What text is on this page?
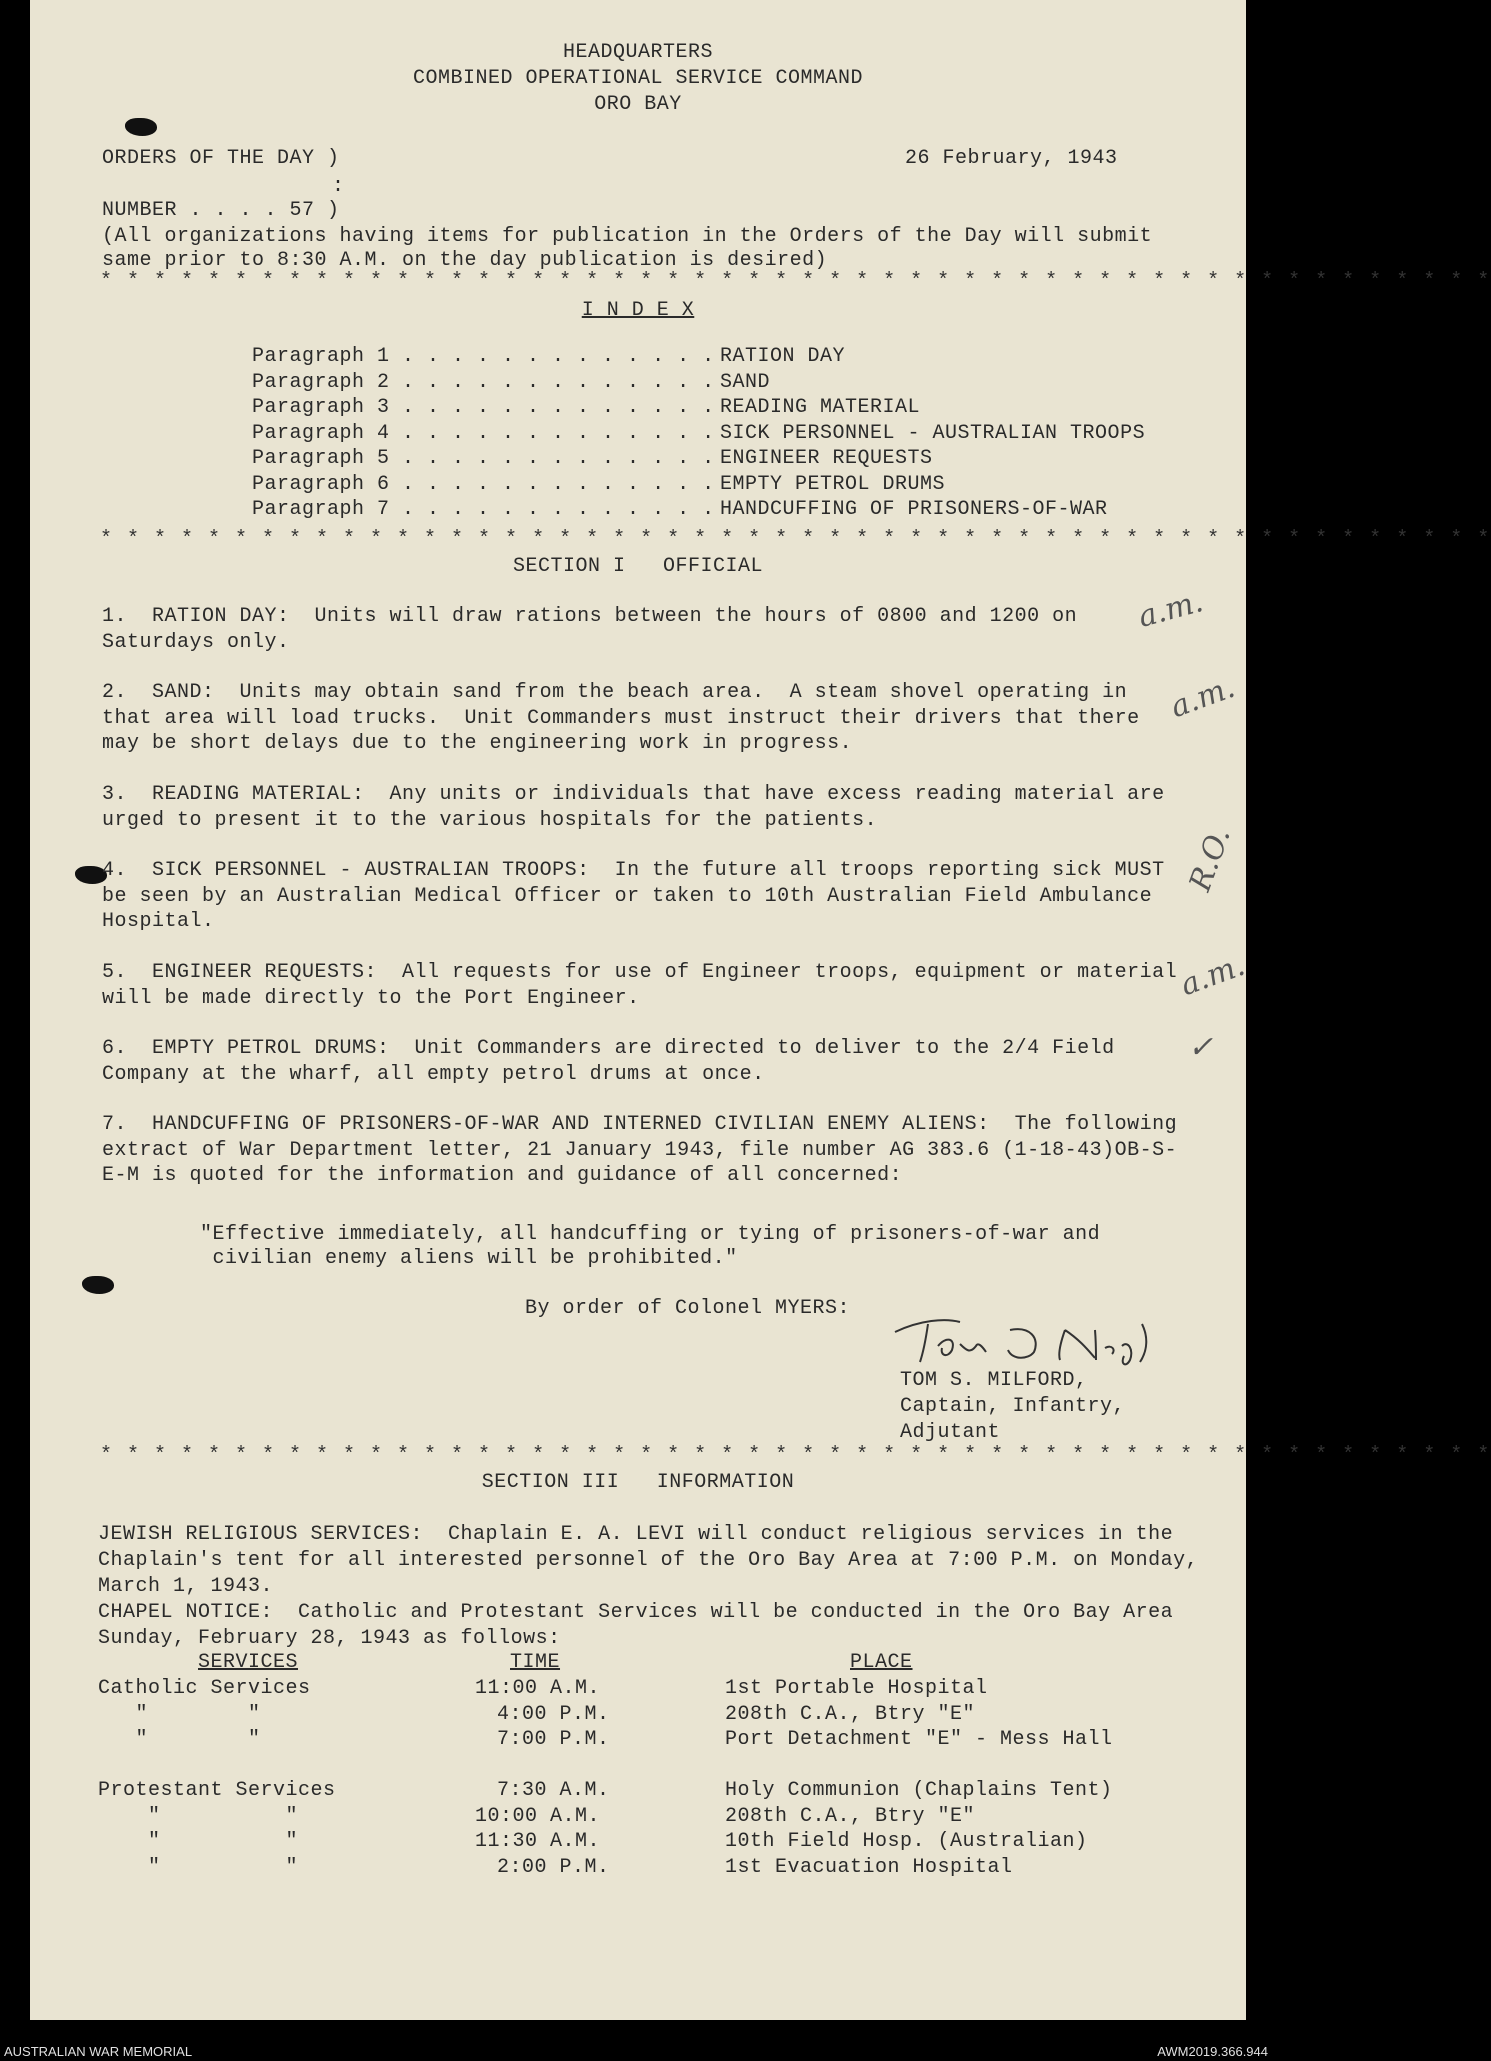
HEADQUARTERS
COMBINED OPERATIONAL SERVICE COMMAND
ORO BAY
ORDERS OF THE DAY )	26 February, 1943
:
NUMBER . . . . 57 )
(All organizations having items for publication in the Orders of the Day will submit
same prior to 8:30 A.M. on the day publication is desired)
* * * * * * * * * * * * * * * * * * * * * * * * * * * * * * * * * * * * * * * * * * * * * * * * * * * *
I N D E X
* * * * * * * * * * * * * * * * * * * * * * * * * * * * * * * * * * * * * * * * * * * * * * * * * * * *
SECTION I   OFFICIAL
"Effective immediately, all handcuffing or tying of prisoners-of-war and
civilian enemy aliens will be prohibited."
By order of Colonel MYERS:
TOM S. MILFORD,
Captain, Infantry,
Adjutant
* * * * * * * * * * * * * * * * * * * * * * * * * * * * * * * * * * * * * * * * * * * * * * * * * * * *
SECTION III   INFORMATION
JEWISH RELIGIOUS SERVICES:  Chaplain E. A. LEVI will conduct religious services in the
Chaplain's tent for all interested personnel of the Oro Bay Area at 7:00 P.M. on Monday,
March 1, 1943.
CHAPEL NOTICE:  Catholic and Protestant Services will be conducted in the Oro Bay Area
Sunday, February 28, 1943 as follows:
a.m.
a.m.
R.O.
a.m.
✓
Paragraph 1 . . . . . . . . . . . . . RATION DAY
Paragraph 2 . . . . . . . . . . . . . SAND
Paragraph 3 . . . . . . . . . . . . . READING MATERIAL
Paragraph 4 . . . . . . . . . . . . . SICK PERSONNEL - AUSTRALIAN TROOPS
Paragraph 5 . . . . . . . . . . . . . ENGINEER REQUESTS
Paragraph 6 . . . . . . . . . . . . . EMPTY PETROL DRUMS
Paragraph 7 . . . . . . . . . . . . . HANDCUFFING OF PRISONERS-OF-WAR
1.  RATION DAY:  Units will draw rations between the hours of 0800 and 1200 on
Saturdays only.
2.  SAND:  Units may obtain sand from the beach area.  A steam shovel operating in
that area will load trucks.  Unit Commanders must instruct their drivers that there
may be short delays due to the engineering work in progress.
3.  READING MATERIAL:  Any units or individuals that have excess reading material are
urged to present it to the various hospitals for the patients.
4.  SICK PERSONNEL - AUSTRALIAN TROOPS:  In the future all troops reporting sick MUST
be seen by an Australian Medical Officer or taken to 10th Australian Field Ambulance
Hospital.
5.  ENGINEER REQUESTS:  All requests for use of Engineer troops, equipment or material
will be made directly to the Port Engineer.
6.  EMPTY PETROL DRUMS:  Unit Commanders are directed to deliver to the 2/4 Field
Company at the wharf, all empty petrol drums at once.
7.  HANDCUFFING OF PRISONERS-OF-WAR AND INTERNED CIVILIAN ENEMY ALIENS:  The following
extract of War Department letter, 21 January 1943, file number AG 383.6 (1-18-43)OB-S-
E-M is quoted for the information and guidance of all concerned:
SERVICES	TIME	PLACE
Catholic Services	11:00 A.M.	1st Portable Hospital
"        "	4:00 P.M.	208th C.A., Btry "E"
"        "	7:00 P.M.	Port Detachment "E" - Mess Hall
Protestant Services	7:30 A.M.	Holy Communion (Chaplains Tent)
"          "	10:00 A.M.	208th C.A., Btry "E"
"          "	11:30 A.M.	10th Field Hosp. (Australian)
"          "	2:00 P.M.	1st Evacuation Hospital
AUSTRALIAN WAR MEMORIAL	AWM2019.366.944
